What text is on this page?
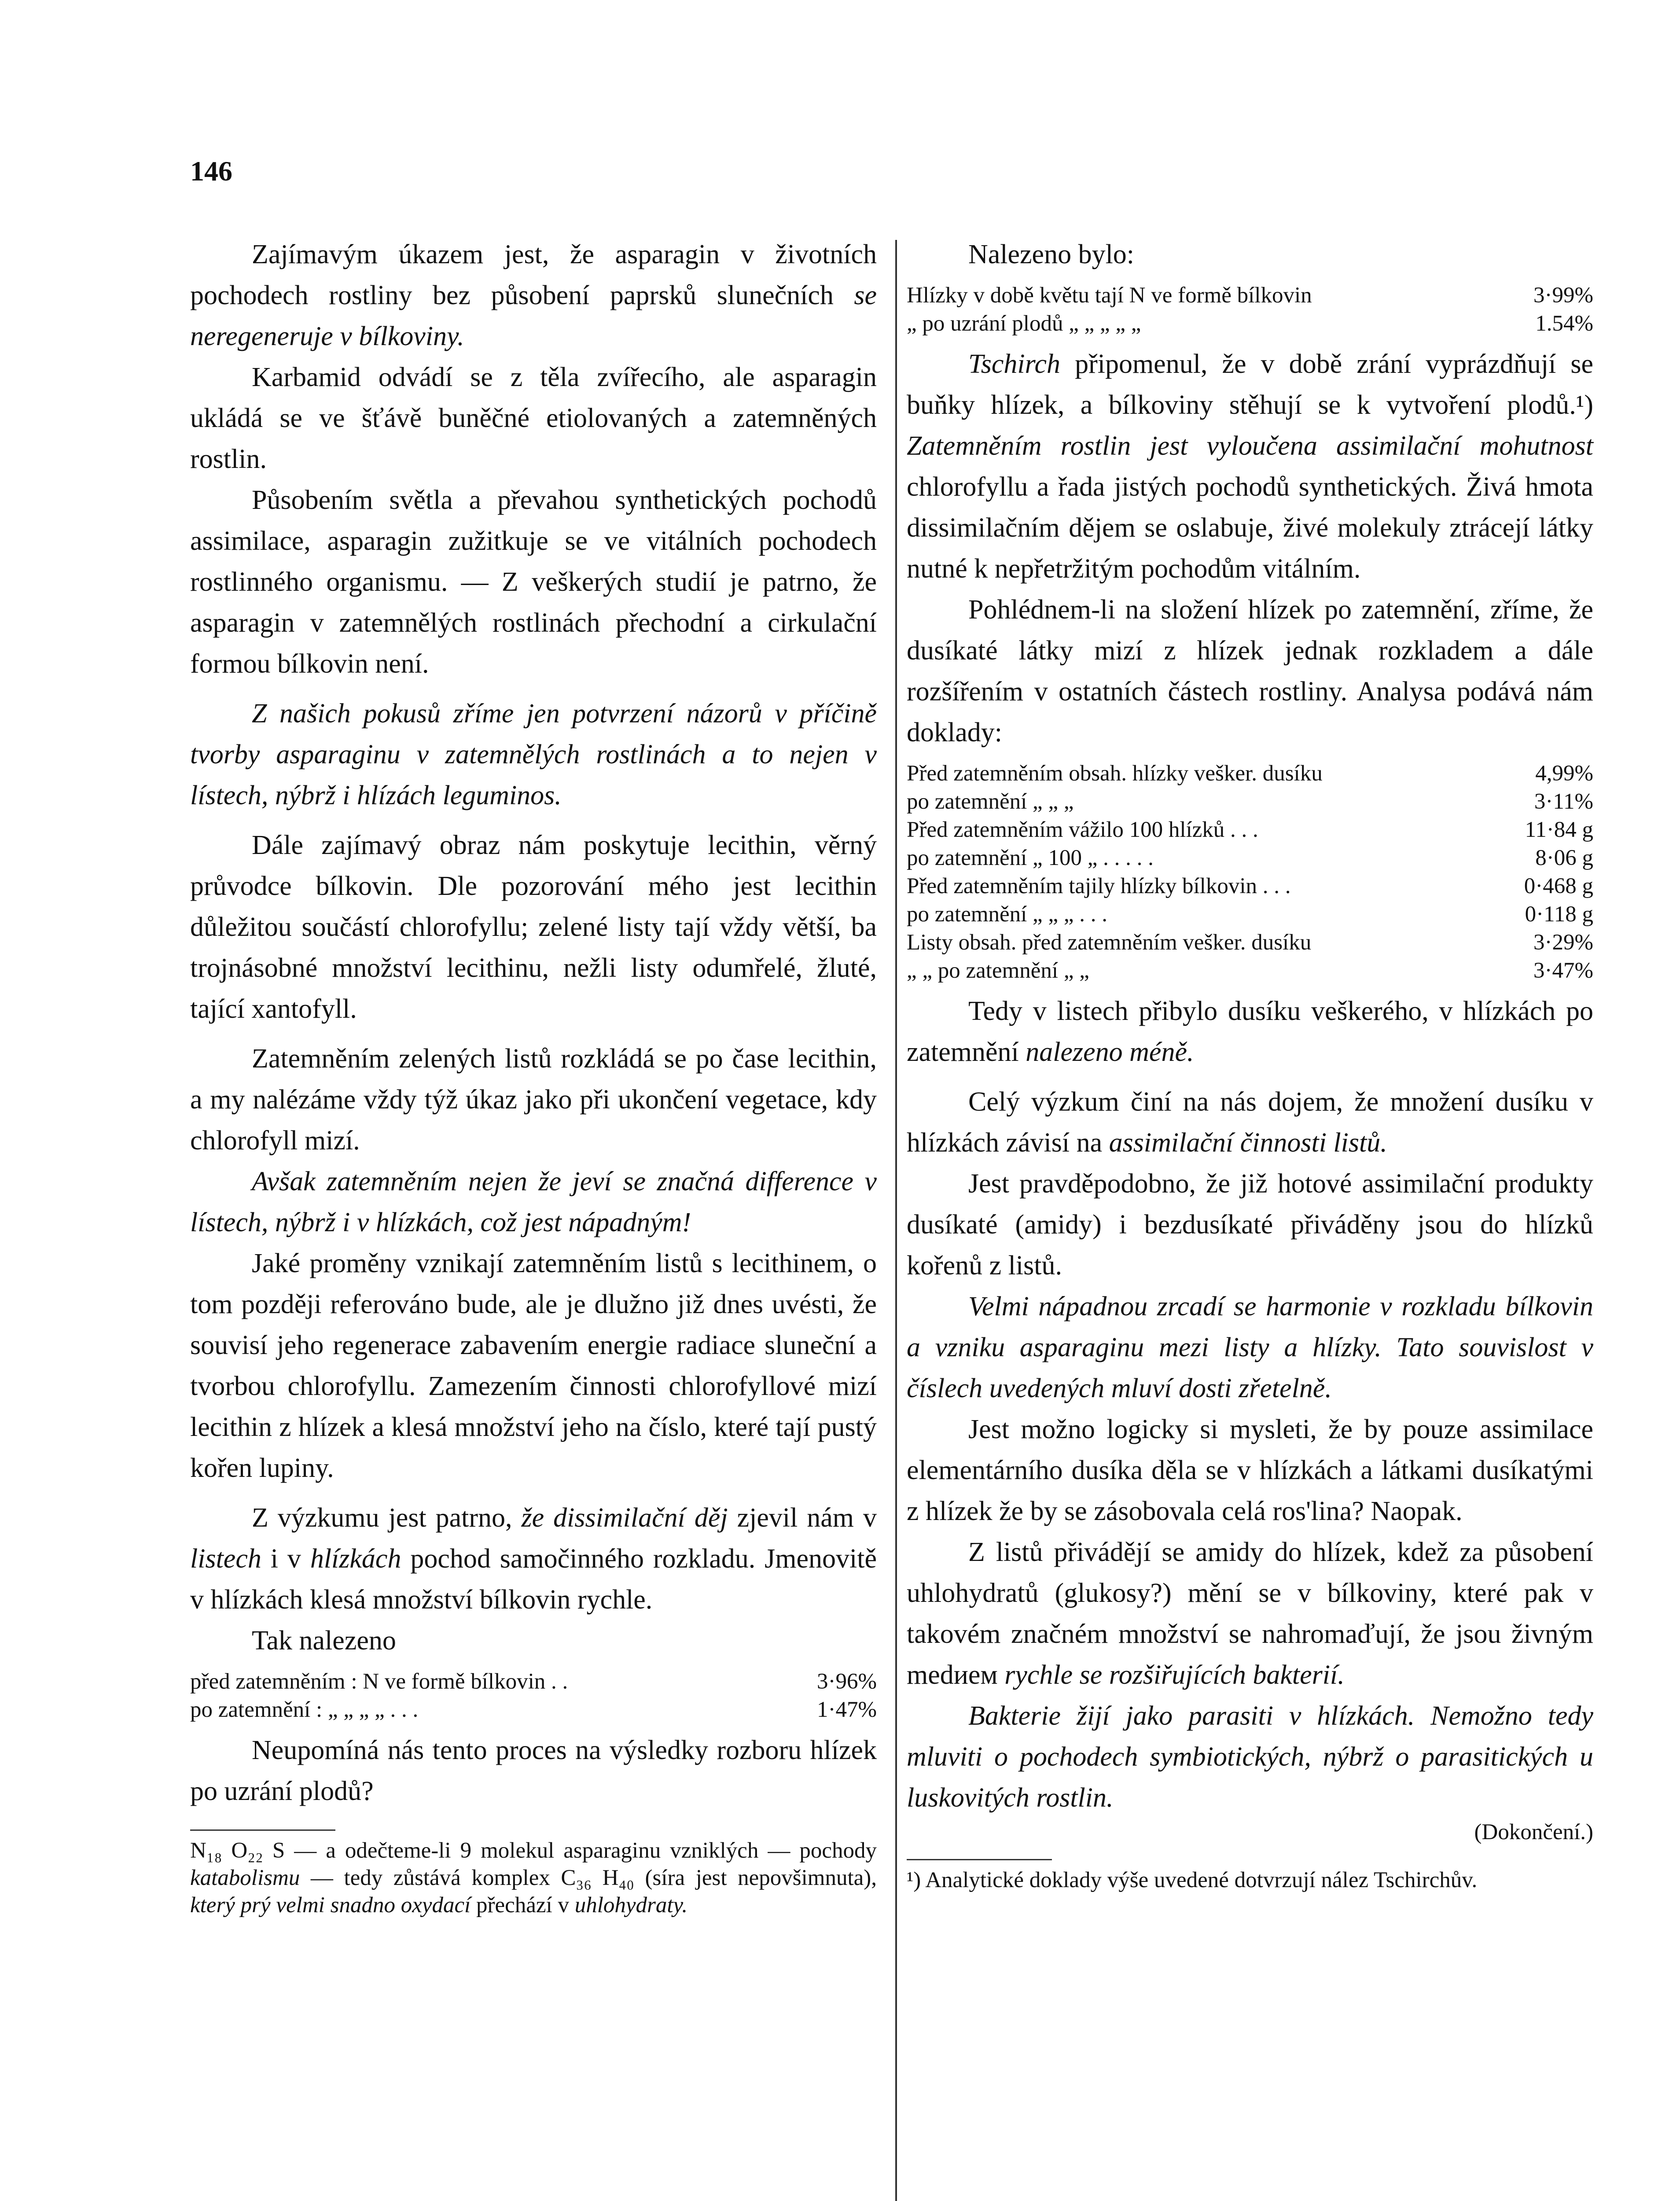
146

Zajímavým úkazem jest, že asparagin v životních pochodech rostliny bez působení paprsků slunečních se neregeneruje v bílkoviny.

Karbamid odvádí se z těla zvířecího, ale asparagin ukládá se ve šťávě buněčné etiolovaných a zatemněných rostlin.

Působením světla a převahou synthetických pochodů assimilace, asparagin zužitkuje se ve vitálních pochodech rostlinného organismu. — Z veškerých studií je patrno, že asparagin v zatemnělých rostlinách přechodní a cirkulační formou bílkovin není.

Z našich pokusů zříme jen potvrzení názorů v příčině tvorby asparaginu v zatemnělých rostlinách a to nejen v lístech, nýbrž i hlízách leguminos.

Dále zajímavý obraz nám poskytuje lecithin, věrný průvodce bílkovin. Dle pozorování mého jest lecithin důležitou součástí chlorofyllu; zelené listy tají vždy větší, ba trojnásobné množství lecithinu, nežli listy odumřelé, žluté, tající xantofyll.

Zatemněním zelených listů rozkládá se po čase lecithin, a my nalézáme vždy týž úkaz jako při ukončení vegetace, kdy chlorofyll mizí.

Avšak zatemněním nejen že jeví se značná difference v lístech, nýbrž i v hlízkách, což jest nápadným!

Jaké proměny vznikají zatemněním listů s lecithinem, o tom později referováno bude, ale je dlužno již dnes uvésti, že souvisí jeho regenerace zabavením energie radiace sluneční a tvorbou chlorofyllu. Zamezením činnosti chlorofyllové mizí lecithin z hlízek a klesá množství jeho na číslo, které tají pustý kořen lupiny.

Z výzkumu jest patrno, že dissimilační děj zjevil nám v listech i v hlízkách pochod samočinného rozkladu. Jmenovitě v hlízkách klesá množství bílkovin rychle.

Tak nalezeno

před zatemněním : N ve formě bílkovin . .	3·96%
po zatemnění : „ „ „ „ . . .	1·47%

Neupomíná nás tento proces na výsledky rozboru hlízek po uzrání plodů?

N₁₈ O₂₂ S — a odečteme-li 9 molekul asparaginu vzniklých — pochody katabolismu — tedy zůstává komplex C₃₆ H₄₀ (síra jest nepovšimnuta), který prý velmi snadno oxydací přechází v uhlohydraty.

Nalezeno bylo:

Hlízky v době květu tají N ve formě bílkovin	3·99%
„ po uzrání plodů „ „ „ „ „	1.54%

Tschirch připomenul, že v době zrání vyprázdňují se buňky hlízek, a bílkoviny stěhují se k vytvoření plodů.¹) Zatemněním rostlin jest vyloučena assimilační mohutnost chlorofyllu a řada jistých pochodů synthetických. Živá hmota dissimilačním dějem se oslabuje, živé molekuly ztrácejí látky nutné k nepřetržitým pochodům vitálním.

Pohlédnem-li na složení hlízek po zatemnění, zříme, že dusíkaté látky mizí z hlízek jednak rozkladem a dále rozšířením v ostatních částech rostliny. Analysa podává nám doklady:

Před zatemněním obsah. hlízky vešker. dusíku	4,99%
po zatemnění „ „ „	3·11%
Před zatemněním vážilo 100 hlízků . . .	11·84 g
po zatemnění „ 100 „ . . . . .	8·06 g
Před zatemněním tajily hlízky bílkovin . . .	0·468 g
po zatemnění „ „ „ . . .	0·118 g
Listy obsah. před zatemněním vešker. dusíku	3·29%
„ „ po zatemnění „ „	3·47%

Tedy v listech přibylo dusíku veškerého, v hlízkách po zatemnění nalezeno méně.

Celý výzkum činí na nás dojem, že množení dusíku v hlízkách závisí na assimilační činnosti listů.

Jest pravděpodobno, že již hotové assimilační produkty dusíkaté (amidy) i bezdusíkaté přiváděny jsou do hlízků kořenů z listů.

Velmi nápadnou zrcadí se harmonie v rozkladu bílkovin a vzniku asparaginu mezi listy a hlízky. Tato souvislost v číslech uvedených mluví dosti zřetelně.

Jest možno logicky si mysleti, že by pouze assimilace elementárního dusíka děla se v hlízkách a látkami dusíkatými z hlízek že by se zásobovala celá ros'lina? Naopak.

Z listů přivádějí se amidy do hlízek, kdež za působení uhlohydratů (glukosy?) mění se v bílkoviny, které pak v takovém značném množství se nahromaďují, že jsou živným medием rychle se rozšiřujících bakterií.

Bakterie žijí jako parasiti v hlízkách. Nemožno tedy mluviti o pochodech symbiotických, nýbrž o parasitických u luskovitých rostlin.

(Dokončení.)
¹) Analytické doklady výše uvedené dotvrzují nález Tschirchův.
